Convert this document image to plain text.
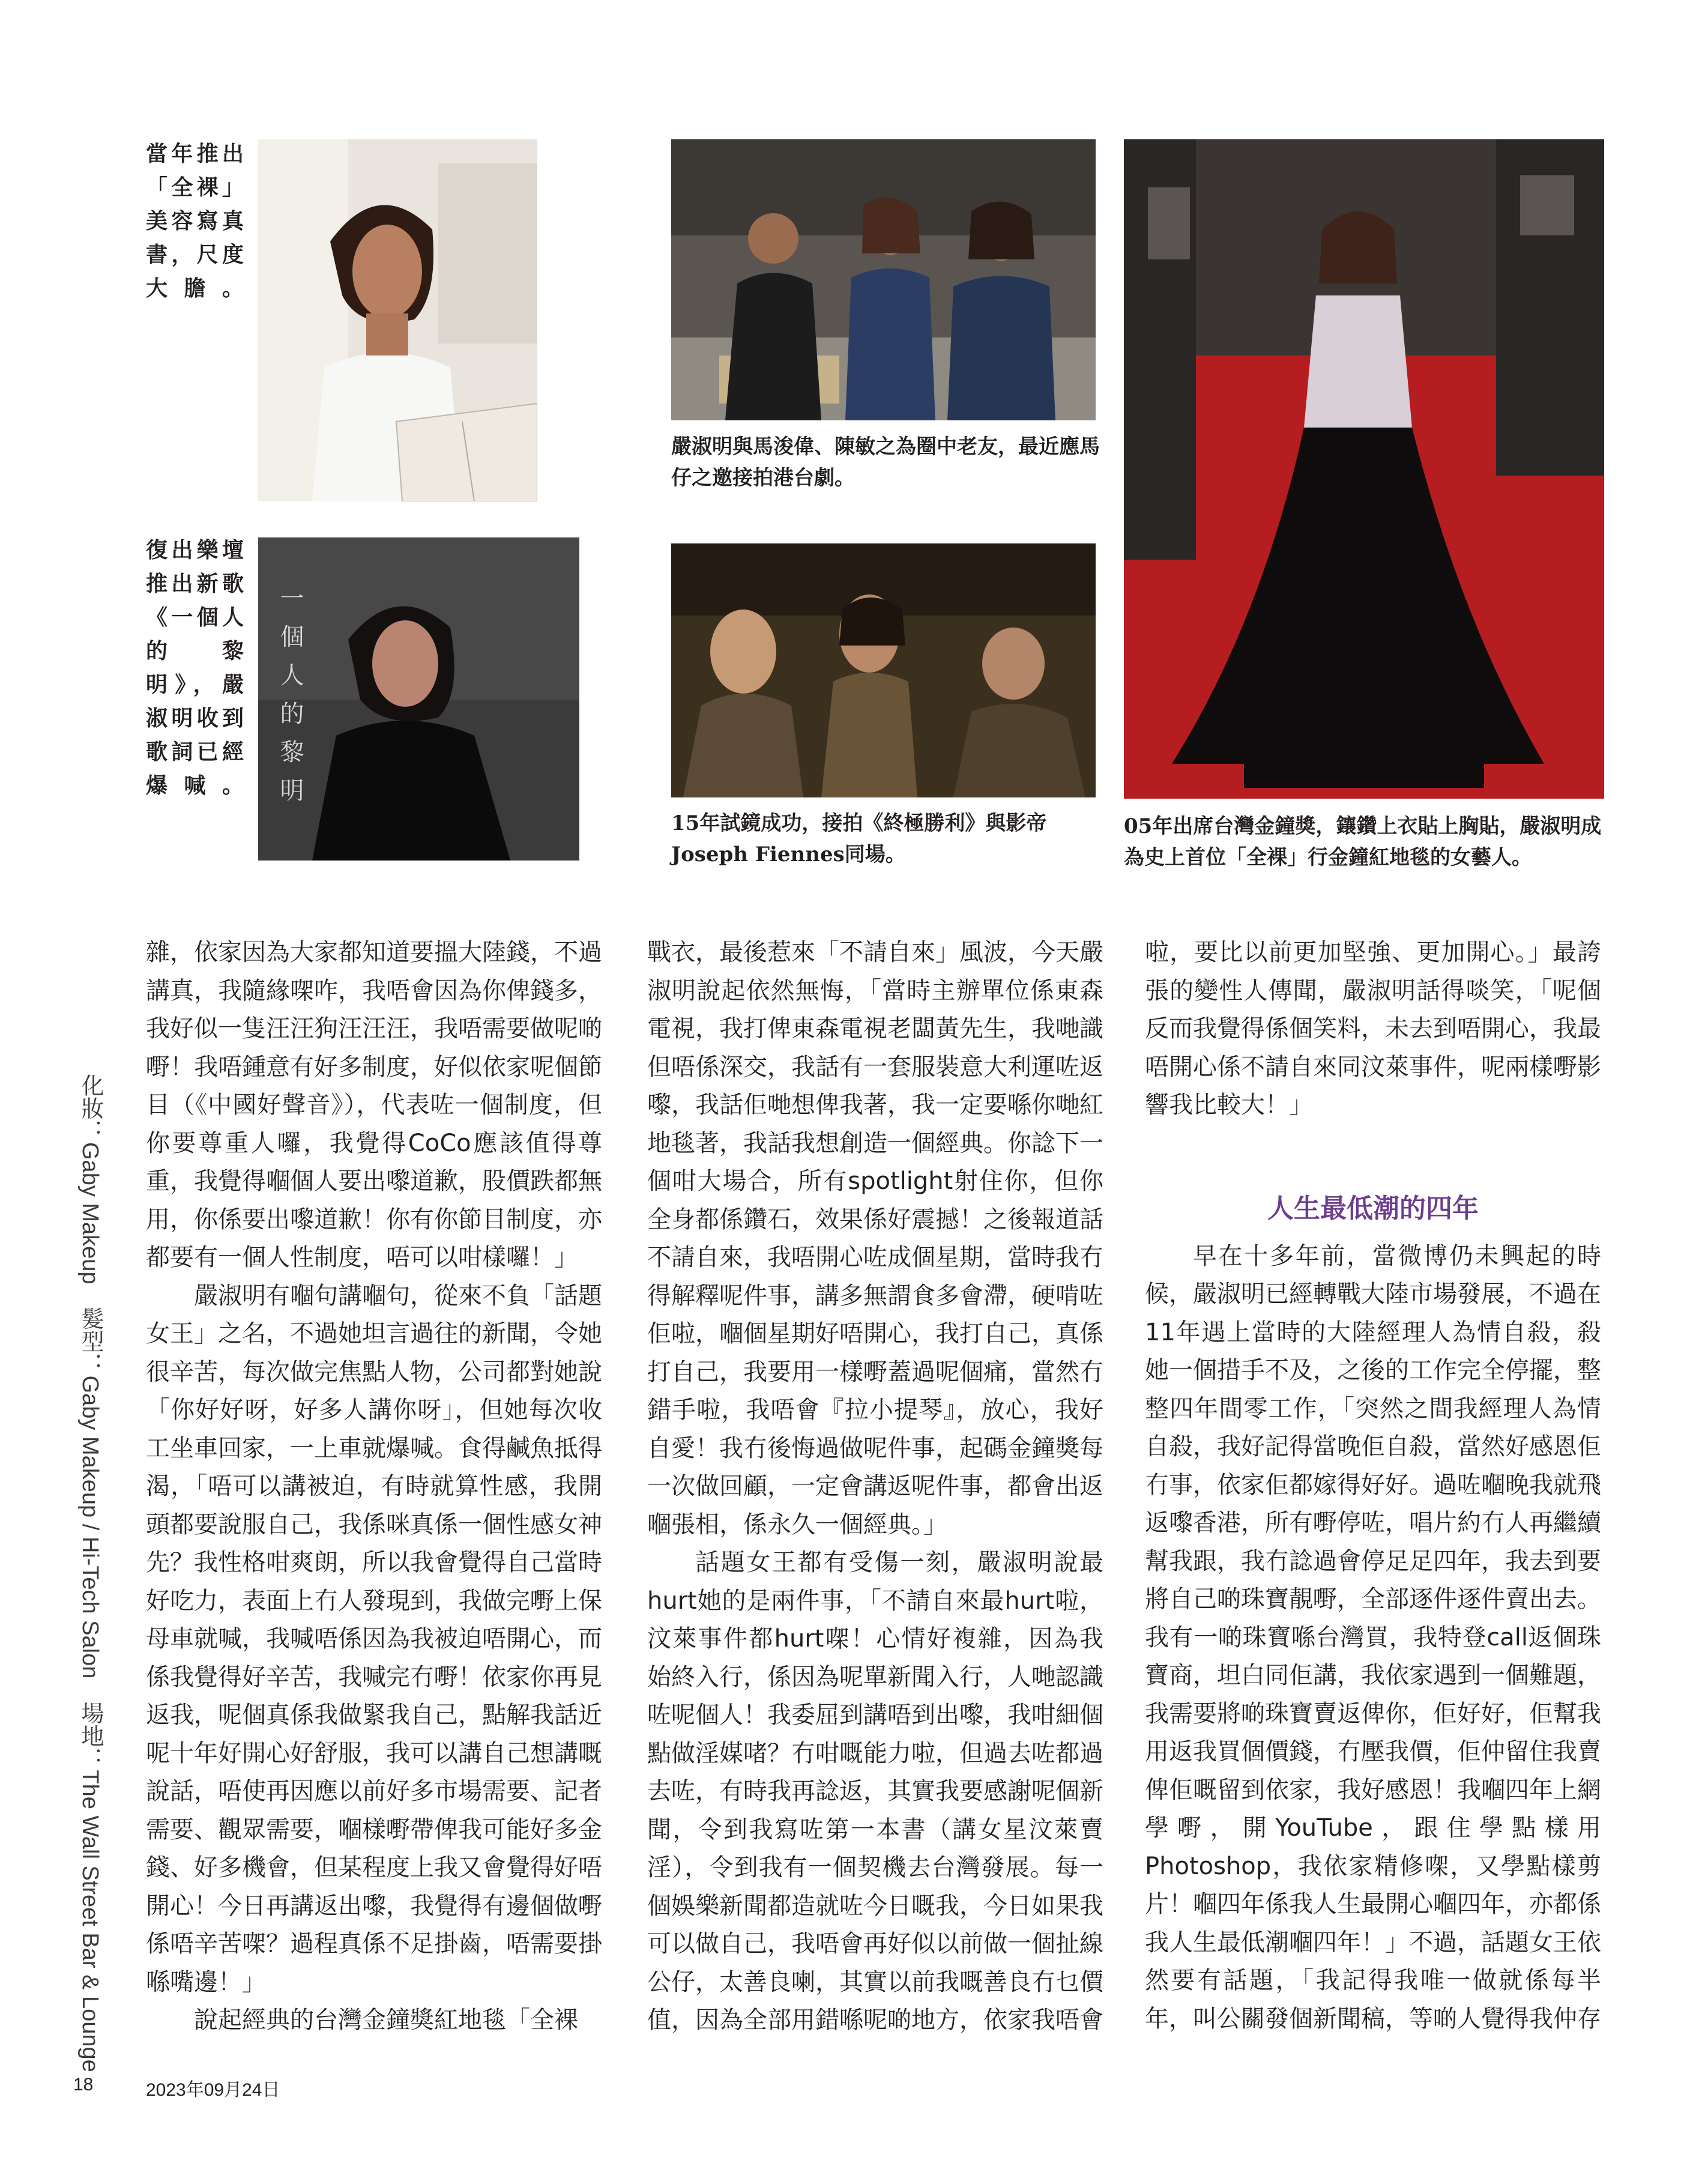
當年推出「全裸」美容寫真書，尺度大膽。
嚴淑明與馬浚偉、陳敏之為圈中老友，最近應馬仔之邀接拍港台劇。
05年出席台灣金鐘獎，鑲鑽上衣貼上胸貼，嚴淑明成為史上首位「全裸」行金鐘紅地毯的女藝人。
復出樂壇推出新歌《一個人的黎明》，嚴淑明收到歌詞已經爆喊。 一個人的黎明
15年試鏡成功，接拍《終極勝利》與影帝Joseph Fiennes同場。
化妝：Gaby Makeup　髮型：Gaby Makeup / Hi-Tech Salon　場地：The Wall Street Bar & Lounge

雜，依家因為大家都知道要搵大陸錢，不過講真，我隨緣㗎咋，我唔會因為你俾錢多，我好似一隻汪汪狗汪汪汪，我唔需要做呢啲嘢！我唔鍾意有好多制度，好似依家呢個節目（《中國好聲音》），代表咗一個制度，但你要尊重人囉，我覺得CoCo應該值得尊重，我覺得嗰個人要出嚟道歉，股價跌都無用，你係要出嚟道歉！你有你節目制度，亦都要有一個人性制度，唔可以咁樣囉！」

嚴淑明有嗰句講嗰句，從來不負「話題女王」之名，不過她坦言過往的新聞，令她很辛苦，每次做完焦點人物，公司都對她說「你好好呀，好多人講你呀」，但她每次收工坐車回家，一上車就爆喊。食得鹹魚抵得渴，「唔可以講被迫，有時就算性感，我開頭都要說服自己，我係咪真係一個性感女神先？我性格咁爽朗，所以我會覺得自己當時好吃力，表面上冇人發現到，我做完嘢上保母車就喊，我喊唔係因為我被迫唔開心，而係我覺得好辛苦，我喊完冇嘢！依家你再見返我，呢個真係我做緊我自己，點解我話近呢十年好開心好舒服，我可以講自己想講嘅說話，唔使再因應以前好多市場需要、記者需要、觀眾需要，嗰樣嘢帶俾我可能好多金錢、好多機會，但某程度上我又會覺得好唔開心！今日再講返出嚟，我覺得有邊個做嘢係唔辛苦㗎？過程真係不足掛齒，唔需要掛喺嘴邊！」

說起經典的台灣金鐘獎紅地毯「全裸

戰衣，最後惹來「不請自來」風波，今天嚴淑明說起依然無悔，「當時主辦單位係東森電視，我打俾東森電視老闆黃先生，我哋識但唔係深交，我話有一套服裝意大利運咗返嚟，我話佢哋想俾我著，我一定要喺你哋紅地毯著，我話我想創造一個經典。你諗下一個咁大場合，所有spotlight射住你，但你全身都係鑽石，效果係好震撼！之後報道話不請自來，我唔開心咗成個星期，當時我冇得解釋呢件事，講多無謂食多會滯，硬啃咗佢啦，嗰個星期好唔開心，我打自己，真係打自己，我要用一樣嘢蓋過呢個痛，當然冇錯手啦，我唔會『拉小提琴』，放心，我好自愛！我冇後悔過做呢件事，起碼金鐘獎每一次做回顧，一定會講返呢件事，都會出返嗰張相，係永久一個經典。」

話題女王都有受傷一刻，嚴淑明說最hurt她的是兩件事，「不請自來最hurt啦，汶萊事件都hurt㗎！心情好複雜，因為我始終入行，係因為呢單新聞入行，人哋認識咗呢個人！我委屈到講唔到出嚟，我咁細個點做淫媒啫？冇咁嘅能力啦，但過去咗都過去咗，有時我再諗返，其實我要感謝呢個新聞，令到我寫咗第一本書（講女星汶萊賣淫），令到我有一個契機去台灣發展。每一個娛樂新聞都造就咗今日嘅我，今日如果我可以做自己，我唔會再好似以前做一個扯線公仔，太善良喇，其實以前我嘅善良冇乜價值，因為全部用錯喺呢啲地方，依家我唔會

啦，要比以前更加堅強、更加開心。」最誇張的變性人傳聞，嚴淑明話得啖笑，「呢個反而我覺得係個笑料，未去到唔開心，我最唔開心係不請自來同汶萊事件，呢兩樣嘢影響我比較大！」

人生最低潮的四年

早在十多年前，當微博仍未興起的時候，嚴淑明已經轉戰大陸市場發展，不過在11年遇上當時的大陸經理人為情自殺，殺她一個措手不及，之後的工作完全停擺，整整四年間零工作，「突然之間我經理人為情自殺，我好記得當晚佢自殺，當然好感恩佢冇事，依家佢都嫁得好好。過咗嗰晚我就飛返嚟香港，所有嘢停咗，唱片約冇人再繼續幫我跟，我冇諗過會停足足四年，我去到要將自己啲珠寶靚嘢，全部逐件逐件賣出去。我有一啲珠寶喺台灣買，我特登call返個珠寶商，坦白同佢講，我依家遇到一個難題，我需要將啲珠寶賣返俾你，佢好好，佢幫我用返我買個價錢，冇壓我價，佢仲留住我賣俾佢嘅留到依家，我好感恩！我嗰四年上網學嘢，開YouTube，跟住學點樣用Photoshop，我依家精修㗎，又學點樣剪片！嗰四年係我人生最開心嗰四年，亦都係我人生最低潮嗰四年！」不過，話題女王依然要有話題，「我記得我唯一做就係每半年，叫公關發個新聞稿，等啲人覺得我仲存

18	2023年09月24日
